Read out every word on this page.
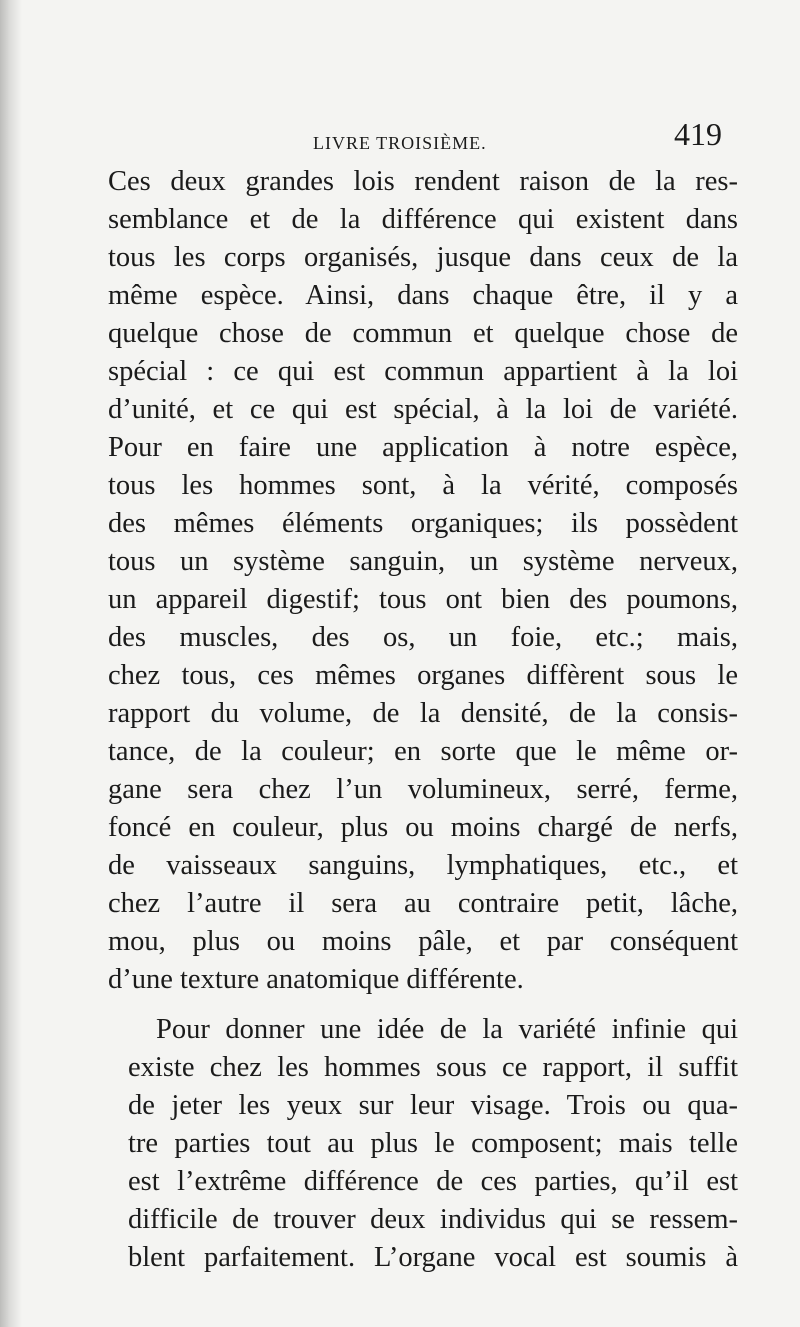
LIVRE TROISIÈME.	419
Ces deux grandes lois rendent raison de la res-
semblance et de la différence qui existent dans
tous les corps organisés, jusque dans ceux de la
même espèce. Ainsi, dans chaque être, il y a
quelque chose de commun et quelque chose de
spécial : ce qui est commun appartient à la loi
d’unité, et ce qui est spécial, à la loi de variété.
Pour en faire une application à notre espèce,
tous les hommes sont, à la vérité, composés
des mêmes éléments organiques; ils possèdent
tous un système sanguin, un système nerveux,
un appareil digestif; tous ont bien des poumons,
des muscles, des os, un foie, etc.; mais,
chez tous, ces mêmes organes diffèrent sous le
rapport du volume, de la densité, de la consis-
tance, de la couleur; en sorte que le même or-
gane sera chez l’un volumineux, serré, ferme,
foncé en couleur, plus ou moins chargé de nerfs,
de vaisseaux sanguins, lymphatiques, etc., et
chez l’autre il sera au contraire petit, lâche,
mou, plus ou moins pâle, et par conséquent
d’une texture anatomique différente.
Pour donner une idée de la variété infinie qui
existe chez les hommes sous ce rapport, il suffit
de jeter les yeux sur leur visage. Trois ou qua-
tre parties tout au plus le composent; mais telle
est l’extrême différence de ces parties, qu’il est
difficile de trouver deux individus qui se ressem-
blent parfaitement. L’organe vocal est soumis à
